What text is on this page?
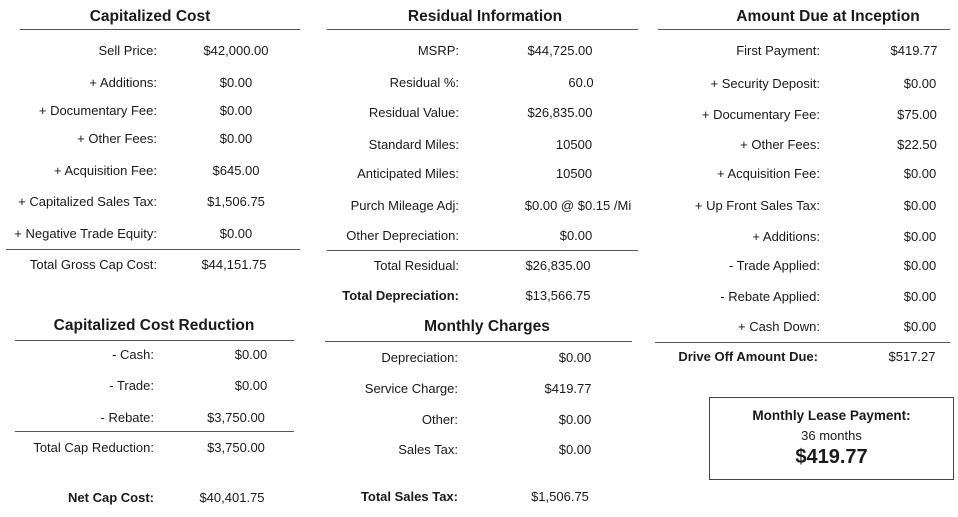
Capitalized Cost
Sell Price:	$42,000.00
+ Additions:	$0.00
+ Documentary Fee:	$0.00
+ Other Fees:	$0.00
+ Acquisition Fee:	$645.00
+ Capitalized Sales Tax:	$1,506.75
+ Negative Trade Equity:	$0.00
Total Gross Cap Cost:	$44,151.75
Capitalized Cost Reduction
- Cash:	$0.00
- Trade:	$0.00
- Rebate:	$3,750.00
Total Cap Reduction:	$3,750.00
Net Cap Cost:	$40,401.75
Residual Information
MSRP:	$44,725.00
Residual %:	60.0
Residual Value:	$26,835.00
Standard Miles:	10500
Anticipated Miles:	10500
Purch Mileage Adj:	$0.00 @ $0.15 /Mi
Other Depreciation:	$0.00
Total Residual:	$26,835.00
Total Depreciation:	$13,566.75
Monthly Charges
Depreciation:	$0.00
Service Charge:	$419.77
Other:	$0.00
Sales Tax:	$0.00
Total Sales Tax:	$1,506.75
Amount Due at Inception
First Payment:	$419.77
+ Security Deposit:	$0.00
+ Documentary Fee:	$75.00
+ Other Fees:	$22.50
+ Acquisition Fee:	$0.00
+ Up Front Sales Tax:	$0.00
+ Additions:	$0.00
- Trade Applied:	$0.00
- Rebate Applied:	$0.00
+ Cash Down:	$0.00
Drive Off Amount Due:	$517.27
Monthly Lease Payment:
36 months
$419.77
